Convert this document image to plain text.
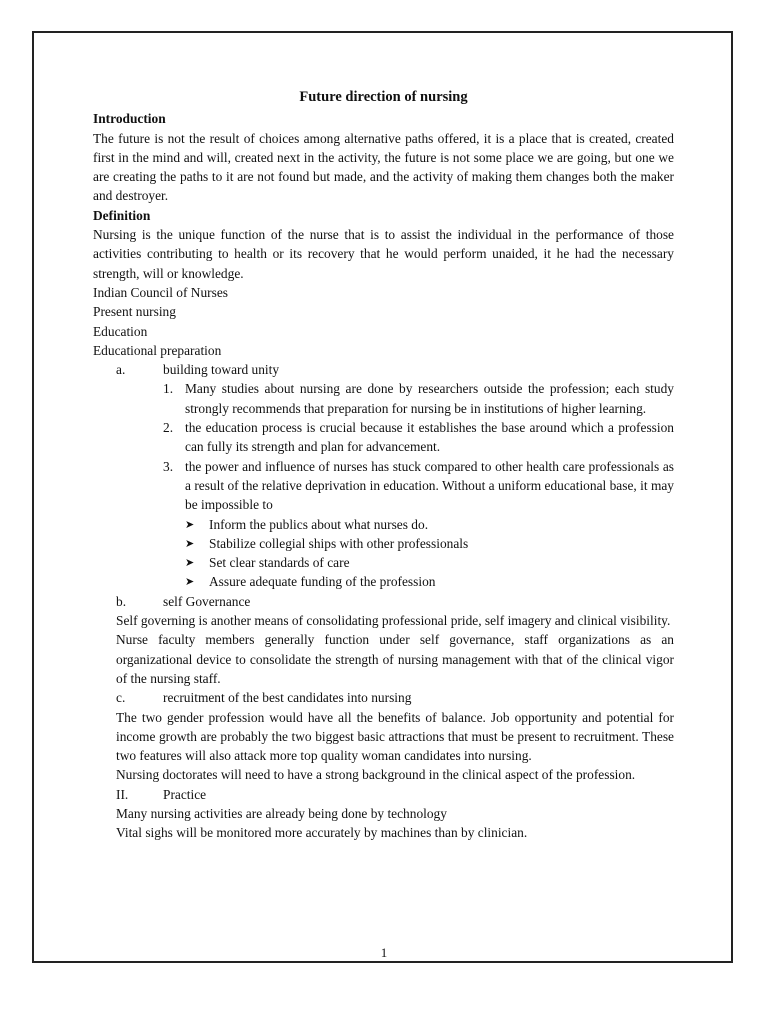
Future direction of nursing
Introduction

The future is not the result of choices among alternative paths offered, it is a place that is created, created first in the mind and will, created next in the activity, the future is not some place we are going, but one we are creating the paths to it are not found but made, and the activity of making them changes both the maker and destroyer.

Definition

Nursing is the unique function of the nurse that is to assist the individual in the performance of those activities contributing to health or its recovery that he would perform unaided, it he had the necessary strength, will or knowledge.

Indian Council of Nurses
Present nursing
Education
Educational preparation
a.	building toward unity
1. Many studies about nursing are done by researchers outside the profession; each study strongly recommends that preparation for nursing be in institutions of higher learning.
2. the education process is crucial because it establishes the base around which a profession can fully its strength and plan for advancement.
3. the power and influence of nurses has stuck compared to other health care professionals as a result of the relative deprivation in education. Without a uniform educational base, it may be impossible to
➤	Inform the publics about what nurses do.
➤	Stabilize collegial ships with other professionals
➤	Set clear standards of care
➤	Assure adequate funding of the profession
b.	self Governance

Self governing is another means of consolidating professional pride, self imagery and clinical visibility.

Nurse faculty members generally function under self governance, staff organizations as an organizational device to consolidate the strength of nursing management with that of the clinical vigor of the nursing staff.

c.	recruitment of the best candidates into nursing

The two gender profession would have all the benefits of balance. Job opportunity and potential for income growth are probably the two biggest basic attractions that must be present to recruitment. These two features will also attack more top quality woman candidates into nursing.

Nursing doctorates will need to have a strong background in the clinical aspect of the profession.

II.	Practice
Many nursing activities are already being done by technology
Vital sighs will be monitored more accurately by machines than by clinician.
1
